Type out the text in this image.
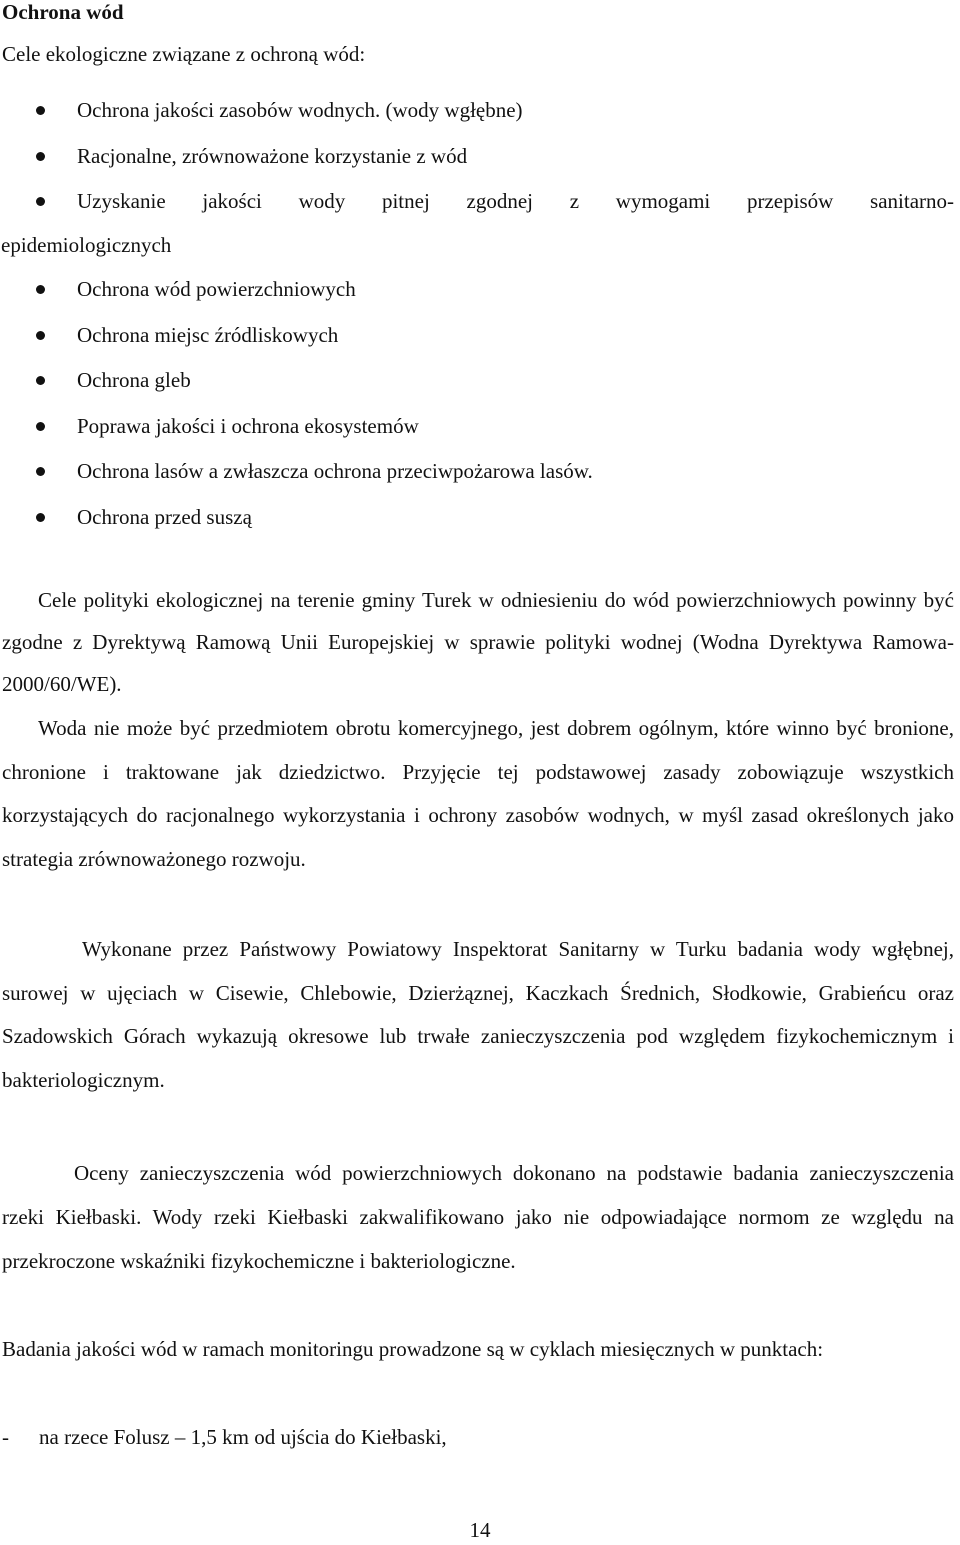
Ochrona wód

Cele ekologiczne związane z ochroną wód:

Ochrona jakości zasobów wodnych. (wody wgłębne)
Racjonalne, zrównoważone korzystanie z wód
Uzyskanie jakości wody pitnej zgodnej z wymogami przepisów sanitarno-
epidemiologicznych
Ochrona wód powierzchniowych
Ochrona miejsc źródliskowych
Ochrona gleb
Poprawa jakości i ochrona ekosystemów
Ochrona lasów a zwłaszcza ochrona przeciwpożarowa lasów.
Ochrona przed suszą

Cele polityki ekologicznej na terenie gminy Turek w odniesieniu do wód powierzchniowych powinny być zgodne z Dyrektywą Ramową Unii Europejskiej w sprawie polityki wodnej (Wodna Dyrektywa Ramowa-2000/60/WE).

Woda nie może być przedmiotem obrotu komercyjnego, jest dobrem ogólnym, które winno być bronione, chronione i traktowane jak dziedzictwo. Przyjęcie tej podstawowej zasady zobowiązuje wszystkich korzystających do racjonalnego wykorzystania i ochrony zasobów wodnych, w myśl zasad określonych jako strategia zrównoważonego rozwoju.

Wykonane przez Państwowy Powiatowy Inspektorat Sanitarny w Turku badania wody wgłębnej, surowej w ujęciach w Cisewie, Chlebowie, Dzierżąznej, Kaczkach Średnich, Słodkowie, Grabieńcu oraz Szadowskich Górach wykazują okresowe lub trwałe zanieczyszczenia pod względem fizykochemicznym i bakteriologicznym.

Oceny zanieczyszczenia wód powierzchniowych dokonano na podstawie badania zanieczyszczenia rzeki Kiełbaski. Wody rzeki Kiełbaski zakwalifikowano jako nie odpowiadające normom ze względu na przekroczone wskaźniki fizykochemiczne i bakteriologiczne.

Badania jakości wód w ramach monitoringu prowadzone są w cyklach miesięcznych w punktach:

- na rzece Folusz – 1,5 km od ujścia do Kiełbaski,

14
